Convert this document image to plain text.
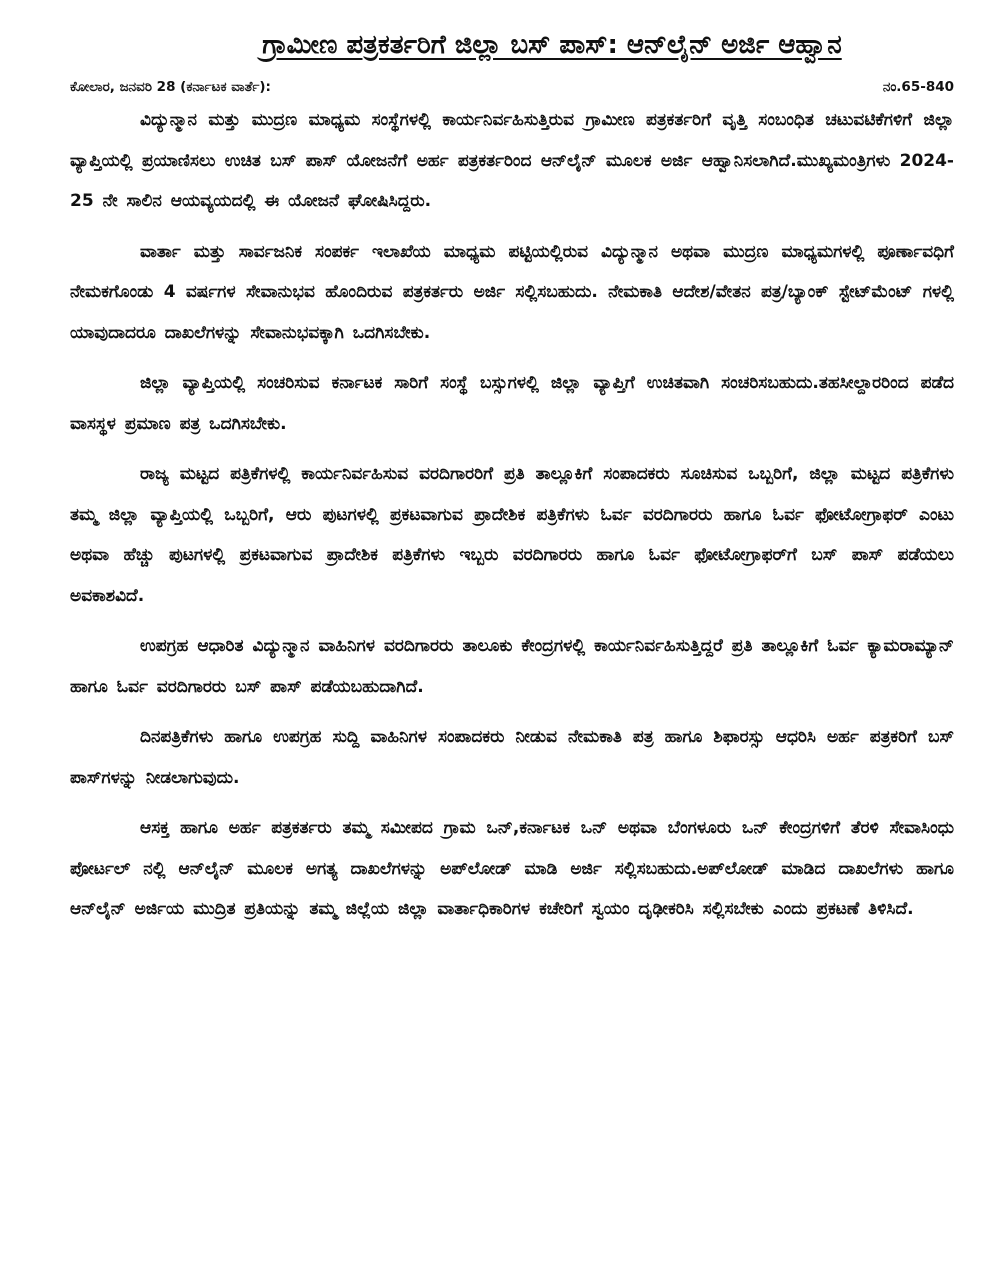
ಗ್ರಾಮೀಣ ಪತ್ರಕರ್ತರಿಗೆ ಜಿಲ್ಲಾ ಬಸ್ ಪಾಸ್: ಆನ್‌ಲೈನ್ ಅರ್ಜಿ ಆಹ್ವಾನ
ಕೋಲಾರ, ಜನವರಿ 28 (ಕರ್ನಾಟಕ ವಾರ್ತೆ):	ನಂ.65-840

ವಿದ್ಯುನ್ಮಾನ ಮತ್ತು ಮುದ್ರಣ ಮಾಧ್ಯಮ ಸಂಸ್ಥೆಗಳಲ್ಲಿ ಕಾರ್ಯನಿರ್ವಹಿಸುತ್ತಿರುವ ಗ್ರಾಮೀಣ ಪತ್ರಕರ್ತರಿಗೆ ವೃತ್ತಿ ಸಂಬಂಧಿತ ಚಟುವಟಿಕೆಗಳಿಗೆ ಜಿಲ್ಲಾ ವ್ಯಾಪ್ತಿಯಲ್ಲಿ ಪ್ರಯಾಣಿಸಲು ಉಚಿತ ಬಸ್ ಪಾಸ್ ಯೋಜನೆಗೆ ಅರ್ಹ ಪತ್ರಕರ್ತರಿಂದ ಆನ್‌ಲೈನ್ ಮೂಲಕ ಅರ್ಜಿ ಆಹ್ವಾನಿಸಲಾಗಿದೆ.ಮುಖ್ಯಮಂತ್ರಿಗಳು 2024-25 ನೇ ಸಾಲಿನ ಆಯವ್ಯಯದಲ್ಲಿ ಈ ಯೋಜನೆ ಘೋಷಿಸಿದ್ದರು.

ವಾರ್ತಾ ಮತ್ತು ಸಾರ್ವಜನಿಕ ಸಂಪರ್ಕ ಇಲಾಖೆಯ ಮಾಧ್ಯಮ ಪಟ್ಟಿಯಲ್ಲಿರುವ ವಿದ್ಯುನ್ಮಾನ ಅಥವಾ ಮುದ್ರಣ ಮಾಧ್ಯಮಗಳಲ್ಲಿ ಪೂರ್ಣಾವಧಿಗೆ ನೇಮಕಗೊಂಡು 4 ವರ್ಷಗಳ ಸೇವಾನುಭವ ಹೊಂದಿರುವ ಪತ್ರಕರ್ತರು ಅರ್ಜಿ ಸಲ್ಲಿಸಬಹುದು. ನೇಮಕಾತಿ ಆದೇಶ/ವೇತನ ಪತ್ರ/ಬ್ಯಾಂಕ್ ಸ್ಟೇಟ್‌ಮೆಂಟ್ ಗಳಲ್ಲಿ ಯಾವುದಾದರೂ ದಾಖಲೆಗಳನ್ನು ಸೇವಾನುಭವಕ್ಕಾಗಿ ಒದಗಿಸಬೇಕು.

ಜಿಲ್ಲಾ ವ್ಯಾಪ್ತಿಯಲ್ಲಿ ಸಂಚರಿಸುವ ಕರ್ನಾಟಕ ಸಾರಿಗೆ ಸಂಸ್ಥೆ ಬಸ್ಸುಗಳಲ್ಲಿ ಜಿಲ್ಲಾ ವ್ಯಾಪ್ತಿಗೆ ಉಚಿತವಾಗಿ ಸಂಚರಿಸಬಹುದು.ತಹಸೀಲ್ದಾರರಿಂದ ಪಡೆದ ವಾಸಸ್ಥಳ ಪ್ರಮಾಣ ಪತ್ರ ಒದಗಿಸಬೇಕು.

ರಾಜ್ಯ ಮಟ್ಟದ ಪತ್ರಿಕೆಗಳಲ್ಲಿ ಕಾರ್ಯನಿರ್ವಹಿಸುವ ವರದಿಗಾರರಿಗೆ ಪ್ರತಿ ತಾಲ್ಲೂಕಿಗೆ ಸಂಪಾದಕರು ಸೂಚಿಸುವ ಒಬ್ಬರಿಗೆ, ಜಿಲ್ಲಾ ಮಟ್ಟದ ಪತ್ರಿಕೆಗಳು ತಮ್ಮ ಜಿಲ್ಲಾ ವ್ಯಾಪ್ತಿಯಲ್ಲಿ ಒಬ್ಬರಿಗೆ, ಆರು ಪುಟಗಳಲ್ಲಿ ಪ್ರಕಟವಾಗುವ ಪ್ರಾದೇಶಿಕ ಪತ್ರಿಕೆಗಳು ಓರ್ವ ವರದಿಗಾರರು ಹಾಗೂ ಓರ್ವ ಫೋಟೋಗ್ರಾಫರ್ ಎಂಟು ಅಥವಾ ಹೆಚ್ಚು ಪುಟಗಳಲ್ಲಿ ಪ್ರಕಟವಾಗುವ ಪ್ರಾದೇಶಿಕ ಪತ್ರಿಕೆಗಳು ಇಬ್ಬರು ವರದಿಗಾರರು ಹಾಗೂ ಓರ್ವ ಫೋಟೋಗ್ರಾಫರ್‌ಗೆ ಬಸ್ ಪಾಸ್ ಪಡೆಯಲು ಅವಕಾಶವಿದೆ.

ಉಪಗ್ರಹ ಆಧಾರಿತ ವಿದ್ಯುನ್ಮಾನ ವಾಹಿನಿಗಳ ವರದಿಗಾರರು ತಾಲೂಕು ಕೇಂದ್ರಗಳಲ್ಲಿ ಕಾರ್ಯನಿರ್ವಹಿಸುತ್ತಿದ್ದರೆ ಪ್ರತಿ ತಾಲ್ಲೂಕಿಗೆ ಓರ್ವ ಕ್ಯಾಮರಾಮ್ಯಾನ್ ಹಾಗೂ ಓರ್ವ ವರದಿಗಾರರು ಬಸ್ ಪಾಸ್ ಪಡೆಯಬಹುದಾಗಿದೆ.

ದಿನಪತ್ರಿಕೆಗಳು ಹಾಗೂ ಉಪಗ್ರಹ ಸುದ್ದಿ ವಾಹಿನಿಗಳ ಸಂಪಾದಕರು ನೀಡುವ ನೇಮಕಾತಿ ಪತ್ರ ಹಾಗೂ ಶಿಫಾರಸ್ಸು ಆಧರಿಸಿ ಅರ್ಹ ಪತ್ರಕರಿಗೆ ಬಸ್ ಪಾಸ್‌ಗಳನ್ನು ನೀಡಲಾಗುವುದು.

ಆಸಕ್ತ ಹಾಗೂ ಅರ್ಹ ಪತ್ರಕರ್ತರು ತಮ್ಮ ಸಮೀಪದ ಗ್ರಾಮ ಒನ್,ಕರ್ನಾಟಕ ಒನ್ ಅಥವಾ ಬೆಂಗಳೂರು ಒನ್ ಕೇಂದ್ರಗಳಿಗೆ ತೆರಳಿ ಸೇವಾಸಿಂಧು ಪೋರ್ಟಲ್ ನಲ್ಲಿ ಆನ್‌ಲೈನ್ ಮೂಲಕ ಅಗತ್ಯ ದಾಖಲೆಗಳನ್ನು ಅಪ್‌ಲೋಡ್ ಮಾಡಿ ಅರ್ಜಿ ಸಲ್ಲಿಸಬಹುದು.ಅಪ್‌ಲೋಡ್ ಮಾಡಿದ ದಾಖಲೆಗಳು ಹಾಗೂ ಆನ್‌ಲೈನ್ ಅರ್ಜಿಯ ಮುದ್ರಿತ ಪ್ರತಿಯನ್ನು ತಮ್ಮ ಜಿಲ್ಲೆಯ ಜಿಲ್ಲಾ ವಾರ್ತಾಧಿಕಾರಿಗಳ ಕಚೇರಿಗೆ ಸ್ವಯಂ ದೃಢೀಕರಿಸಿ ಸಲ್ಲಿಸಬೇಕು ಎಂದು ಪ್ರಕಟಣೆ ತಿಳಿಸಿದೆ.
